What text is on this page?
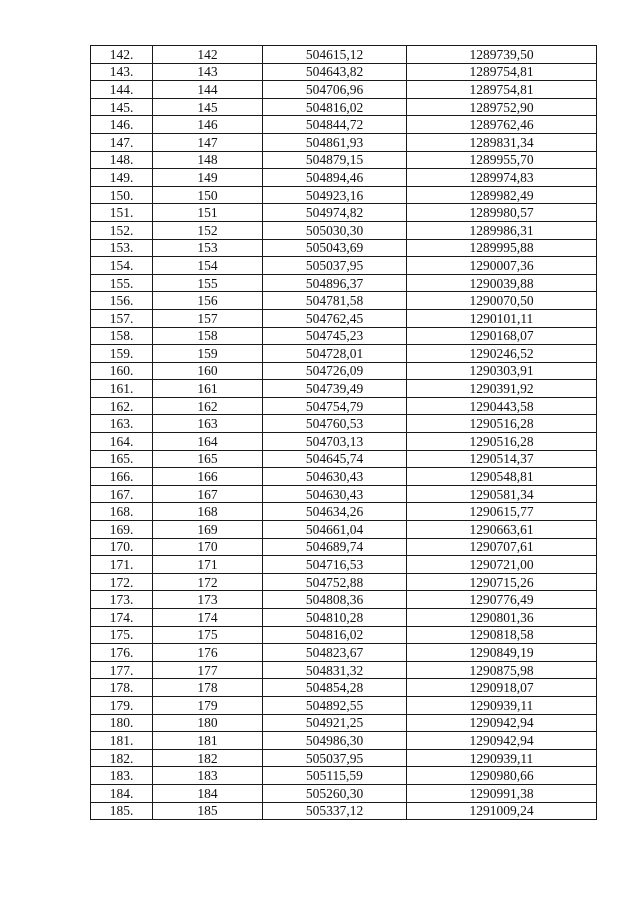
142.	142	504615,12	1289739,50
143.	143	504643,82	1289754,81
144.	144	504706,96	1289754,81
145.	145	504816,02	1289752,90
146.	146	504844,72	1289762,46
147.	147	504861,93	1289831,34
148.	148	504879,15	1289955,70
149.	149	504894,46	1289974,83
150.	150	504923,16	1289982,49
151.	151	504974,82	1289980,57
152.	152	505030,30	1289986,31
153.	153	505043,69	1289995,88
154.	154	505037,95	1290007,36
155.	155	504896,37	1290039,88
156.	156	504781,58	1290070,50
157.	157	504762,45	1290101,11
158.	158	504745,23	1290168,07
159.	159	504728,01	1290246,52
160.	160	504726,09	1290303,91
161.	161	504739,49	1290391,92
162.	162	504754,79	1290443,58
163.	163	504760,53	1290516,28
164.	164	504703,13	1290516,28
165.	165	504645,74	1290514,37
166.	166	504630,43	1290548,81
167.	167	504630,43	1290581,34
168.	168	504634,26	1290615,77
169.	169	504661,04	1290663,61
170.	170	504689,74	1290707,61
171.	171	504716,53	1290721,00
172.	172	504752,88	1290715,26
173.	173	504808,36	1290776,49
174.	174	504810,28	1290801,36
175.	175	504816,02	1290818,58
176.	176	504823,67	1290849,19
177.	177	504831,32	1290875,98
178.	178	504854,28	1290918,07
179.	179	504892,55	1290939,11
180.	180	504921,25	1290942,94
181.	181	504986,30	1290942,94
182.	182	505037,95	1290939,11
183.	183	505115,59	1290980,66
184.	184	505260,30	1290991,38
185.	185	505337,12	1291009,24
